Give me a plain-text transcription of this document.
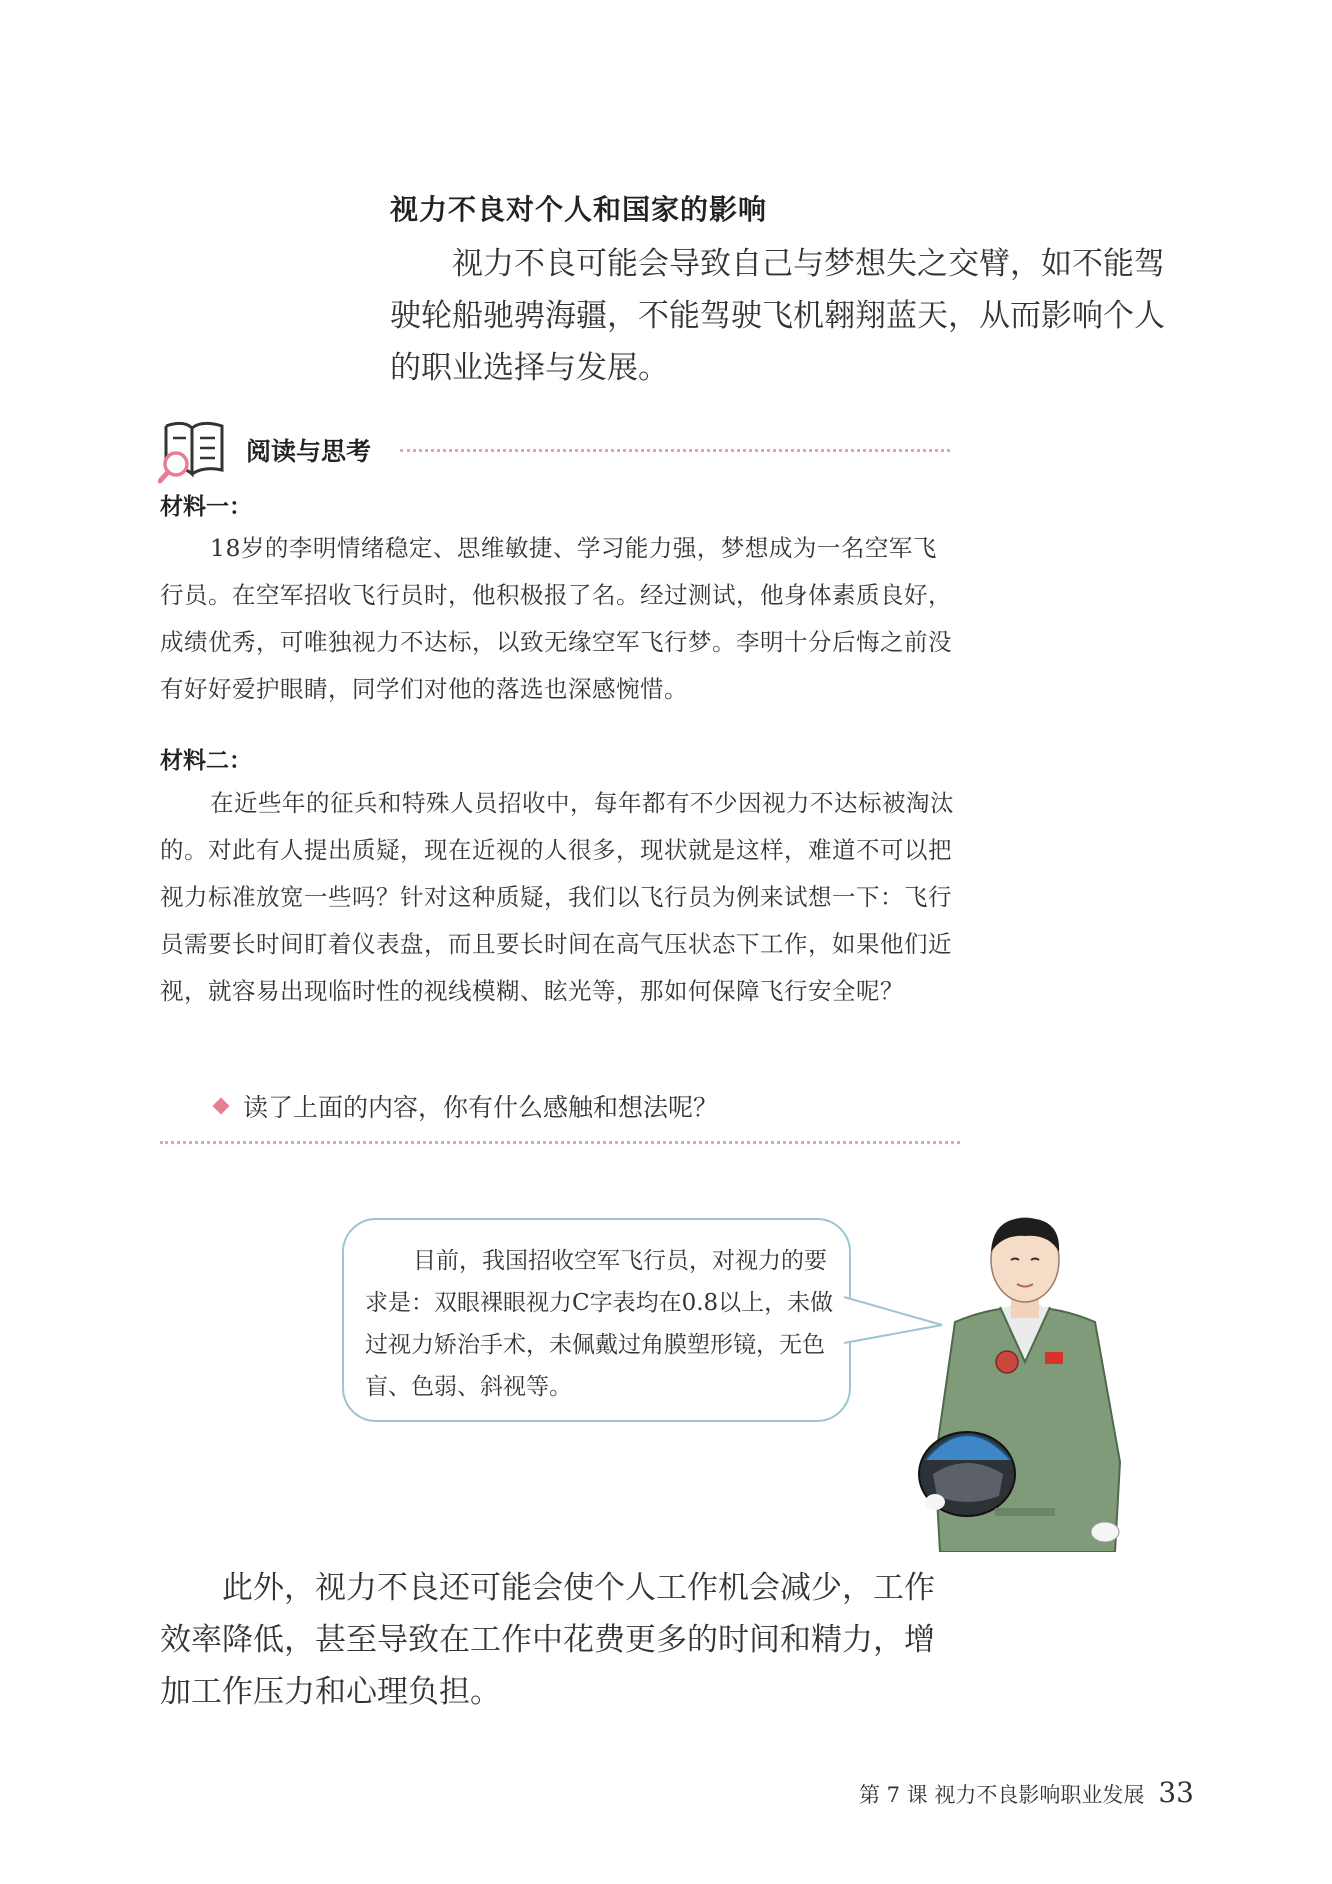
视力不良对个人和国家的影响

视力不良可能会导致自己与梦想失之交臂，如不能驾驶轮船驰骋海疆，不能驾驶飞机翱翔蓝天，从而影响个人的职业选择与发展。

阅读与思考
材料一：

18岁的李明情绪稳定、思维敏捷、学习能力强，梦想成为一名空军飞行员。在空军招收飞行员时，他积极报了名。经过测试，他身体素质良好，成绩优秀，可唯独视力不达标，以致无缘空军飞行梦。李明十分后悔之前没有好好爱护眼睛，同学们对他的落选也深感惋惜。

材料二：

在近些年的征兵和特殊人员招收中，每年都有不少因视力不达标被淘汰的。对此有人提出质疑，现在近视的人很多，现状就是这样，难道不可以把视力标准放宽一些吗？针对这种质疑，我们以飞行员为例来试想一下：飞行员需要长时间盯着仪表盘，而且要长时间在高气压状态下工作，如果他们近视，就容易出现临时性的视线模糊、眩光等，那如何保障飞行安全呢？

读了上面的内容，你有什么感触和想法呢？

目前，我国招收空军飞行员，对视力的要求是：双眼裸眼视力C字表均在0.8以上，未做过视力矫治手术，未佩戴过角膜塑形镜，无色盲、色弱、斜视等。

此外，视力不良还可能会使个人工作机会减少，工作效率降低，甚至导致在工作中花费更多的时间和精力，增加工作压力和心理负担。

第 7 课 视力不良影响职业发展 33
